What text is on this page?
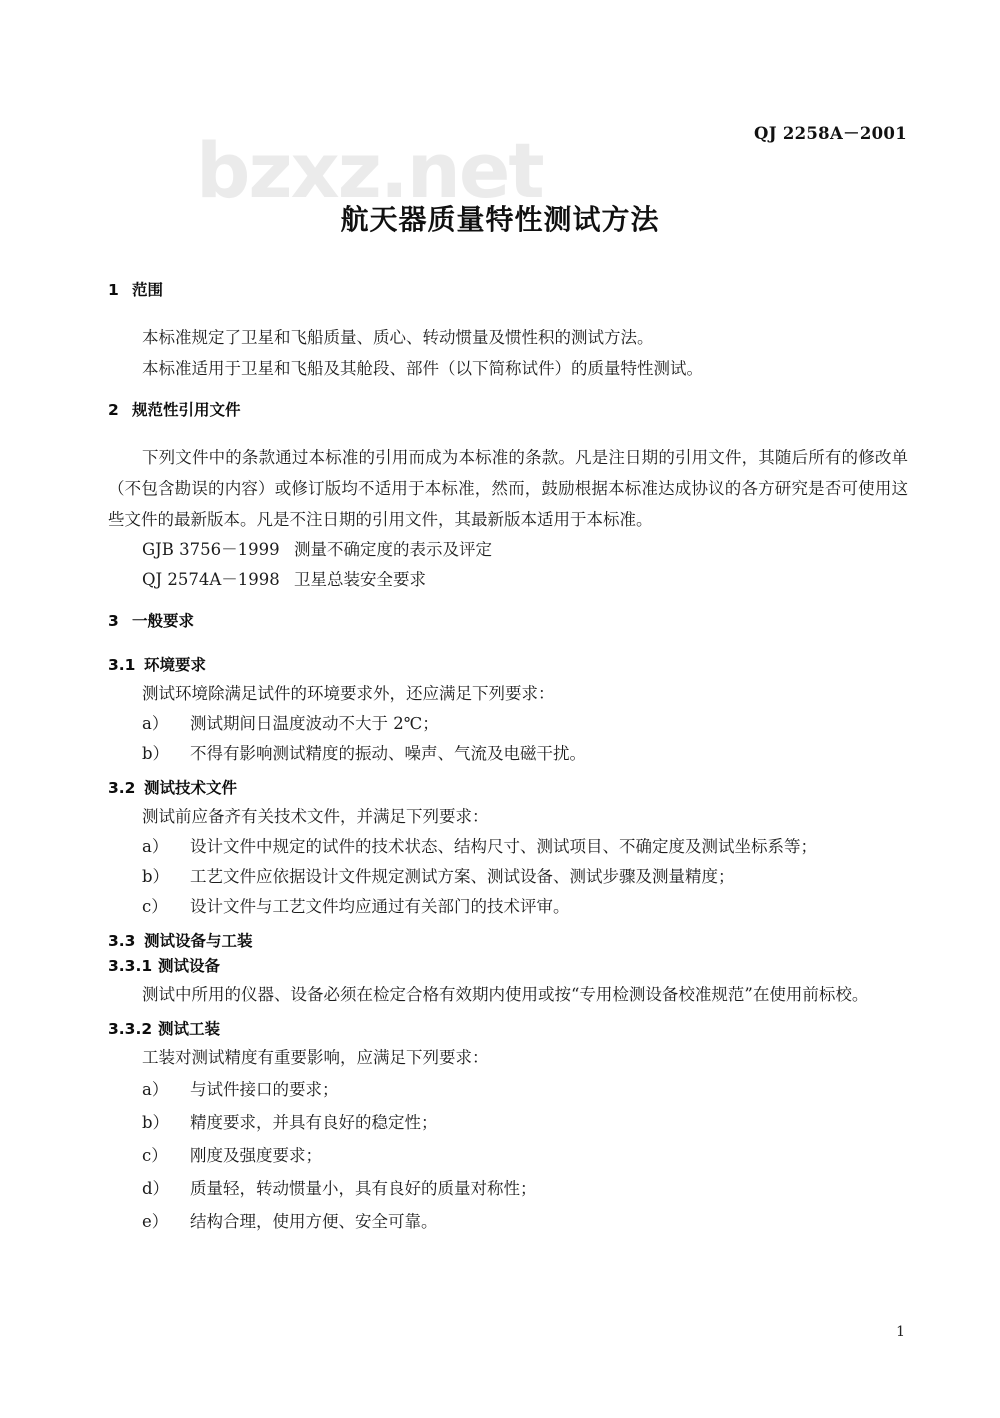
bzxz.net	QJ 2258A－2001
航天器质量特性测试方法
1 范围

本标准规定了卫星和飞船质量、质心、转动惯量及惯性积的测试方法。

本标准适用于卫星和飞船及其舱段、部件（以下简称试件）的质量特性测试。

2 规范性引用文件

下列文件中的条款通过本标准的引用而成为本标准的条款。凡是注日期的引用文件，其随后所有的修改单（不包含勘误的内容）或修订版均不适用于本标准，然而，鼓励根据本标准达成协议的各方研究是否可使用这些文件的最新版本。凡是不注日期的引用文件，其最新版本适用于本标准。

GJB 3756－1999 测量不确定度的表示及评定
QJ 2574A－1998 卫星总装安全要求
3 一般要求
3.1 环境要求

测试环境除满足试件的环境要求外，还应满足下列要求：

a） 测试期间日温度波动不大于 2℃；
b） 不得有影响测试精度的振动、噪声、气流及电磁干扰。
3.2 测试技术文件

测试前应备齐有关技术文件，并满足下列要求：

a） 设计文件中规定的试件的技术状态、结构尺寸、测试项目、不确定度及测试坐标系等；
b） 工艺文件应依据设计文件规定测试方案、测试设备、测试步骤及测量精度；
c） 设计文件与工艺文件均应通过有关部门的技术评审。
3.3 测试设备与工装
3.3.1 测试设备

测试中所用的仪器、设备必须在检定合格有效期内使用或按“专用检测设备校准规范”在使用前标校。

3.3.2 测试工装

工装对测试精度有重要影响，应满足下列要求：

a） 与试件接口的要求；
b） 精度要求，并具有良好的稳定性；
c） 刚度及强度要求；
d） 质量轻，转动惯量小，具有良好的质量对称性；
e） 结构合理，使用方便、安全可靠。
1
